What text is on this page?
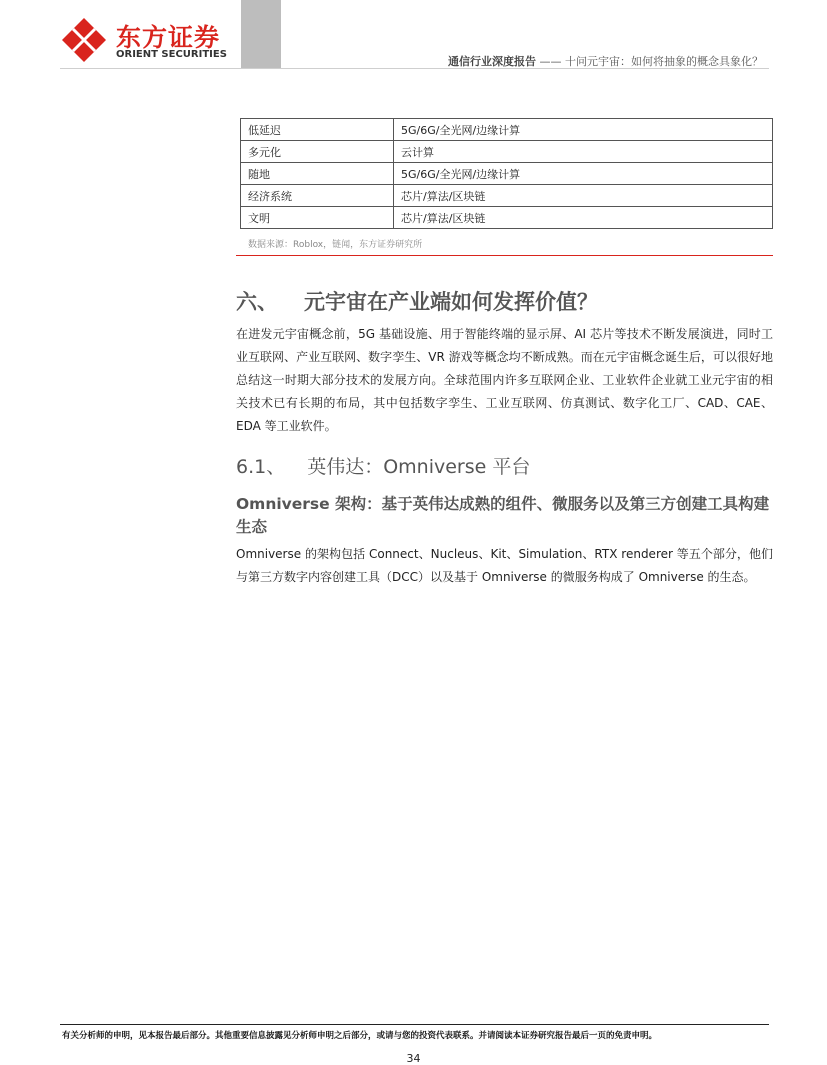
东方证券
ORIENT SECURITIES
通信行业深度报告 —— 十问元宇宙：如何将抽象的概念具象化？
低延迟	5G/6G/全光网/边缘计算
多元化	云计算
随地	5G/6G/全光网/边缘计算
经济系统	芯片/算法/区块链
文明	芯片/算法/区块链
数据来源：Roblox，链闻，东方证券研究所
六、 元宇宙在产业端如何发挥价值？
在进发元宇宙概念前，5G 基础设施、用于智能终端的显示屏、AI 芯片等技术不断发展演进，同时工业互联网、产业互联网、数字孪生、VR 游戏等概念均不断成熟。而在元宇宙概念诞生后，可以很好地总结这一时期大部分技术的发展方向。全球范围内许多互联网企业、工业软件企业就工业元宇宙的相关技术已有长期的布局，其中包括数字孪生、工业互联网、仿真测试、数字化工厂、CAD、CAE、EDA 等工业软件。
6.1、 英伟达：Omniverse 平台
Omniverse 架构：基于英伟达成熟的组件、微服务以及第三方创建工具构建生态
Omniverse 的架构包括 Connect、Nucleus、Kit、Simulation、RTX renderer 等五个部分，他们与第三方数字内容创建工具（DCC）以及基于 Omniverse 的微服务构成了 Omniverse 的生态。
有关分析师的申明，见本报告最后部分。其他重要信息披露见分析师申明之后部分，或请与您的投资代表联系。并请阅读本证券研究报告最后一页的免责申明。
34
